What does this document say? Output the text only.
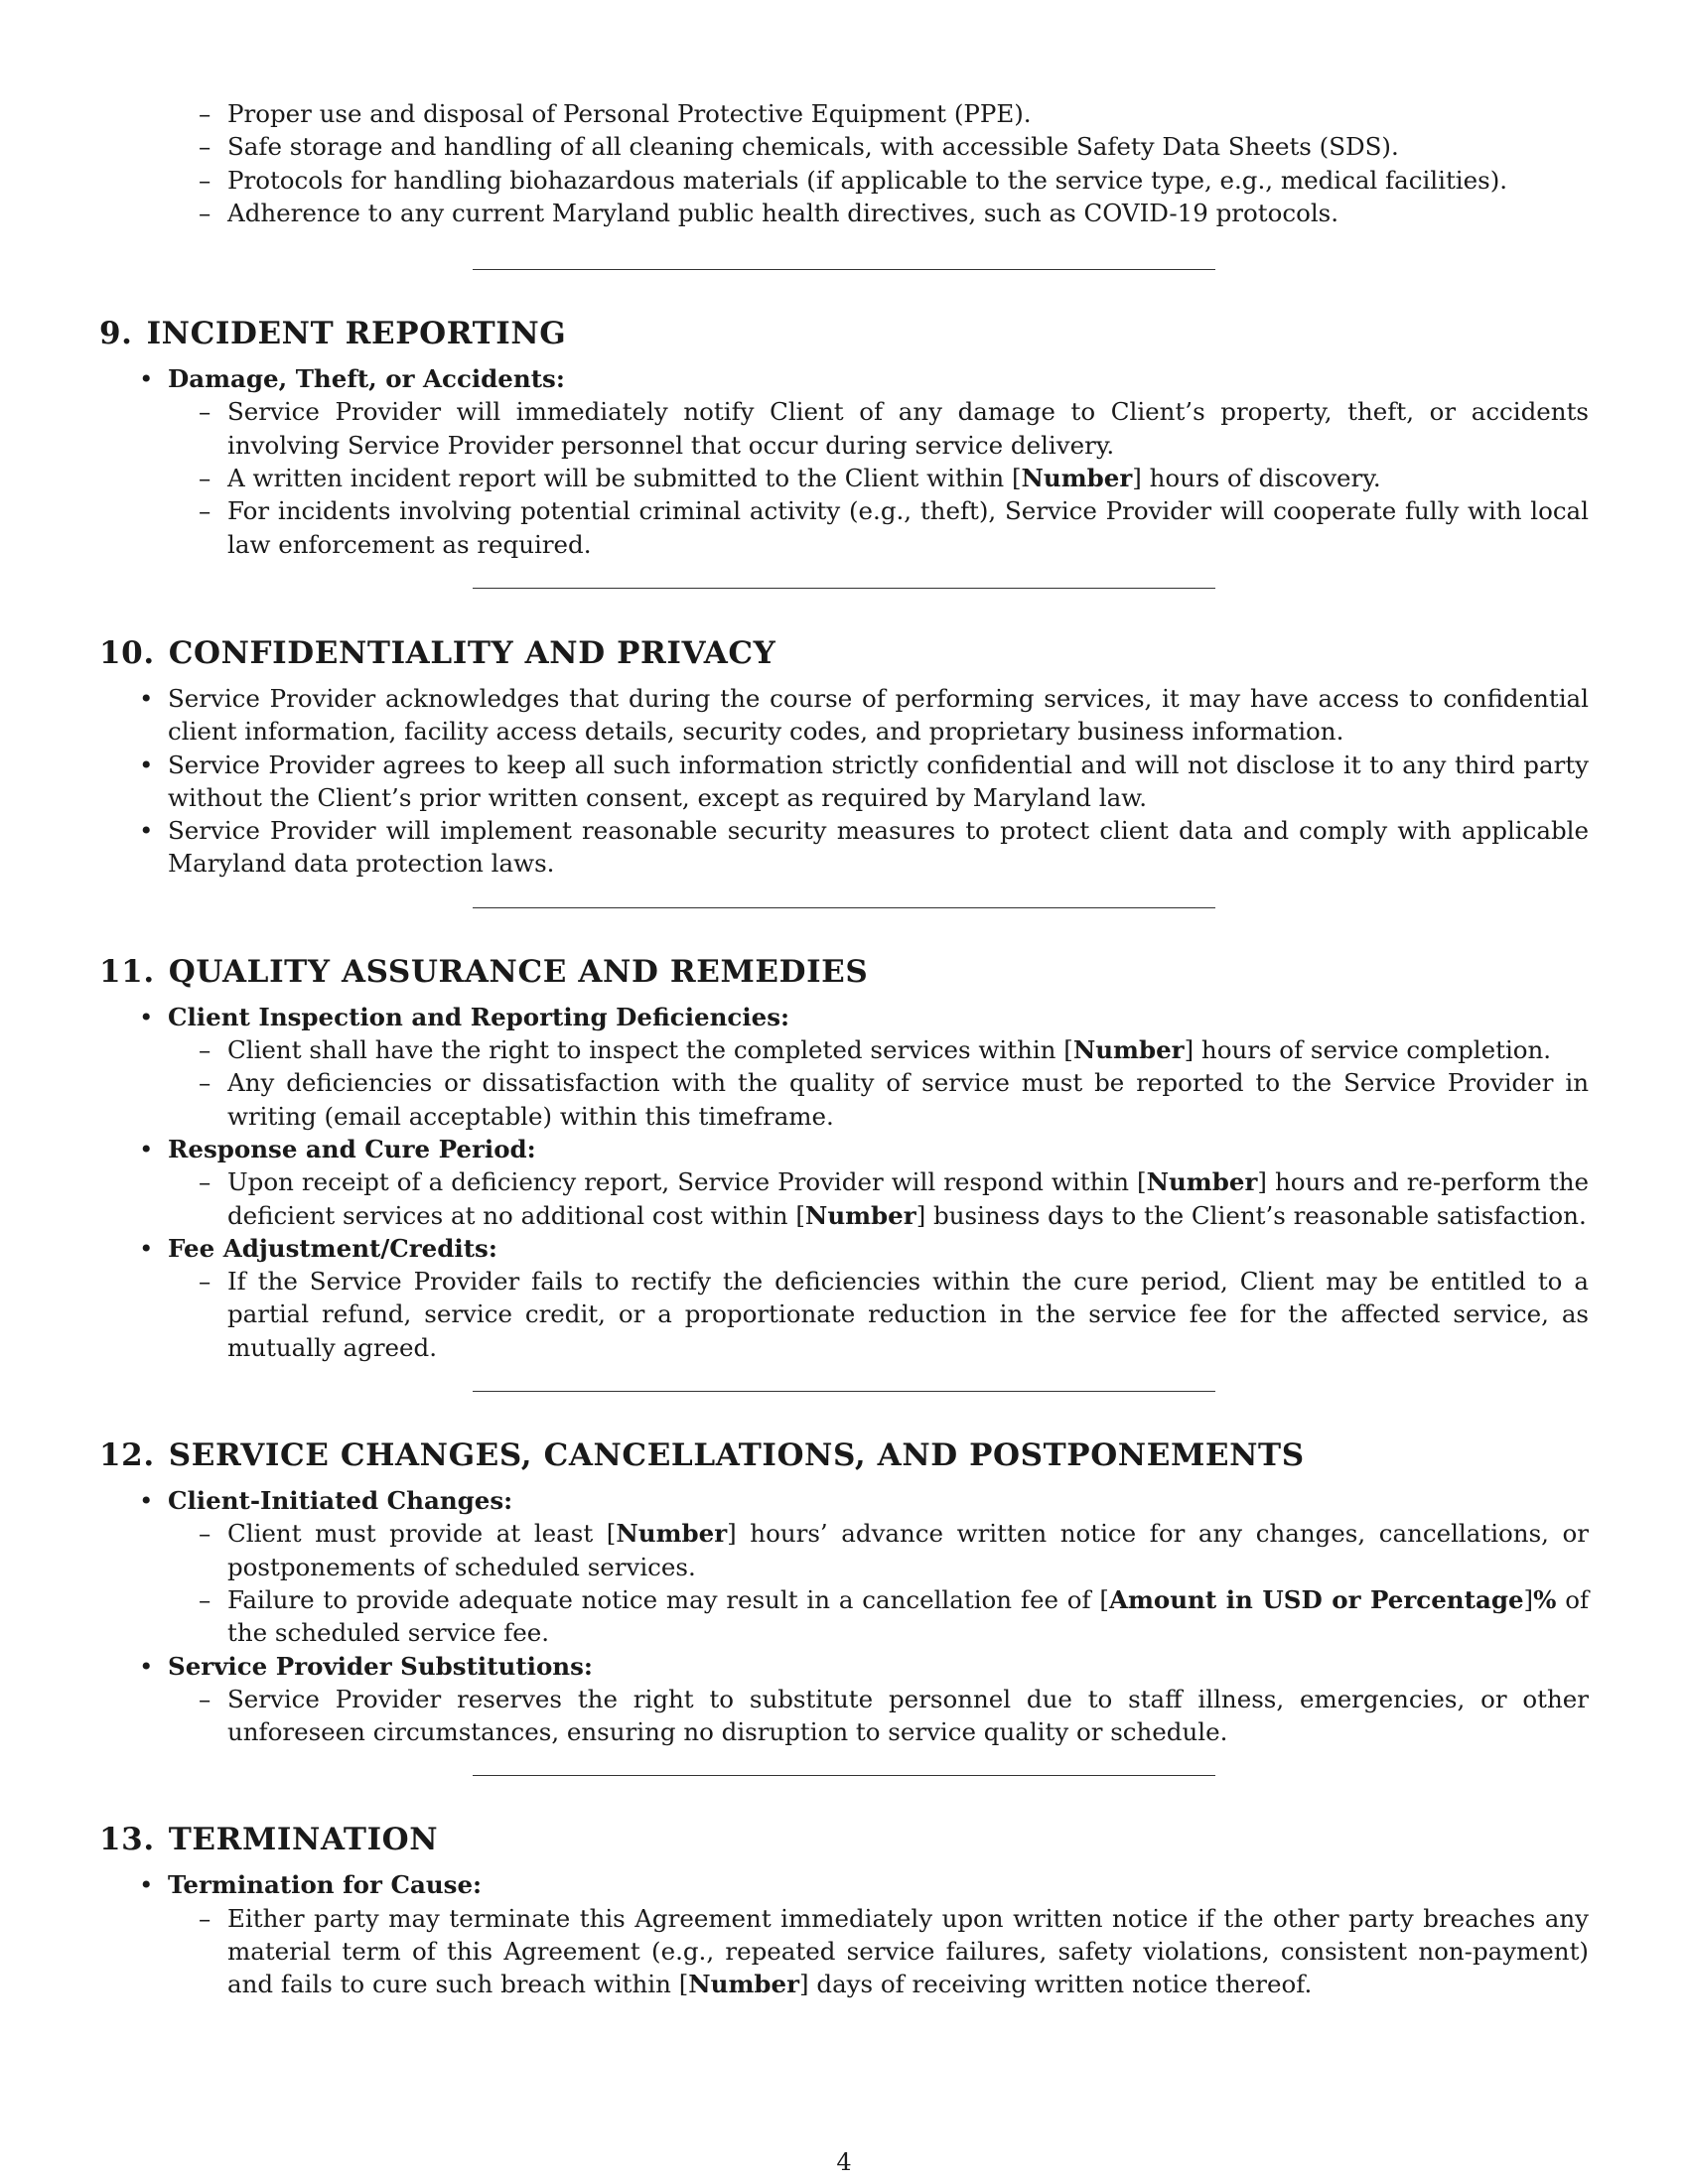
– Proper use and disposal of Personal Protective Equipment (PPE).

– Safe storage and handling of all cleaning chemicals, with accessible Safety Data Sheets (SDS).

– Protocols for handling biohazardous materials (if applicable to the service type, e.g., medical facilities).

– Adherence to any current Maryland public health directives, such as COVID-19 protocols.

9. INCIDENT REPORTING
• Damage, Theft, or Accidents:

– Service Provider will immediately notify Client of any damage to Client’s property, theft, or accidents involving Service Provider personnel that occur during service delivery.

– A written incident report will be submitted to the Client within [Number] hours of discovery.

– For incidents involving potential criminal activity (e.g., theft), Service Provider will cooperate fully with local law enforcement as required.

10. CONFIDENTIALITY AND PRIVACY
• Service Provider acknowledges that during the course of performing services, it may have access to confidential client information, facility access details, security codes, and proprietary business information.
• Service Provider agrees to keep all such information strictly confidential and will not disclose it to any third party without the Client’s prior written consent, except as required by Maryland law.
• Service Provider will implement reasonable security measures to protect client data and comply with applicable Maryland data protection laws.
11. QUALITY ASSURANCE AND REMEDIES
• Client Inspection and Reporting Deficiencies:

– Client shall have the right to inspect the completed services within [Number] hours of service completion.

– Any deficiencies or dissatisfaction with the quality of service must be reported to the Service Provider in writing (email acceptable) within this timeframe.

• Response and Cure Period:

– Upon receipt of a deficiency report, Service Provider will respond within [Number] hours and re-perform the deficient services at no additional cost within [Number] business days to the Client’s reasonable satisfaction.

• Fee Adjustment/Credits:

– If the Service Provider fails to rectify the deficiencies within the cure period, Client may be entitled to a partial refund, service credit, or a proportionate reduction in the service fee for the affected service, as mutually agreed.

12. SERVICE CHANGES, CANCELLATIONS, AND POSTPONEMENTS
• Client-Initiated Changes:

– Client must provide at least [Number] hours’ advance written notice for any changes, cancellations, or postponements of scheduled services.

– Failure to provide adequate notice may result in a cancellation fee of [Amount in USD or Percentage]% of the scheduled service fee.

• Service Provider Substitutions:

– Service Provider reserves the right to substitute personnel due to staff illness, emergencies, or other unforeseen circumstances, ensuring no disruption to service quality or schedule.

13. TERMINATION
• Termination for Cause:

– Either party may terminate this Agreement immediately upon written notice if the other party breaches any material term of this Agreement (e.g., repeated service failures, safety violations, consistent non-payment) and fails to cure such breach within [Number] days of receiving written notice thereof.

4
